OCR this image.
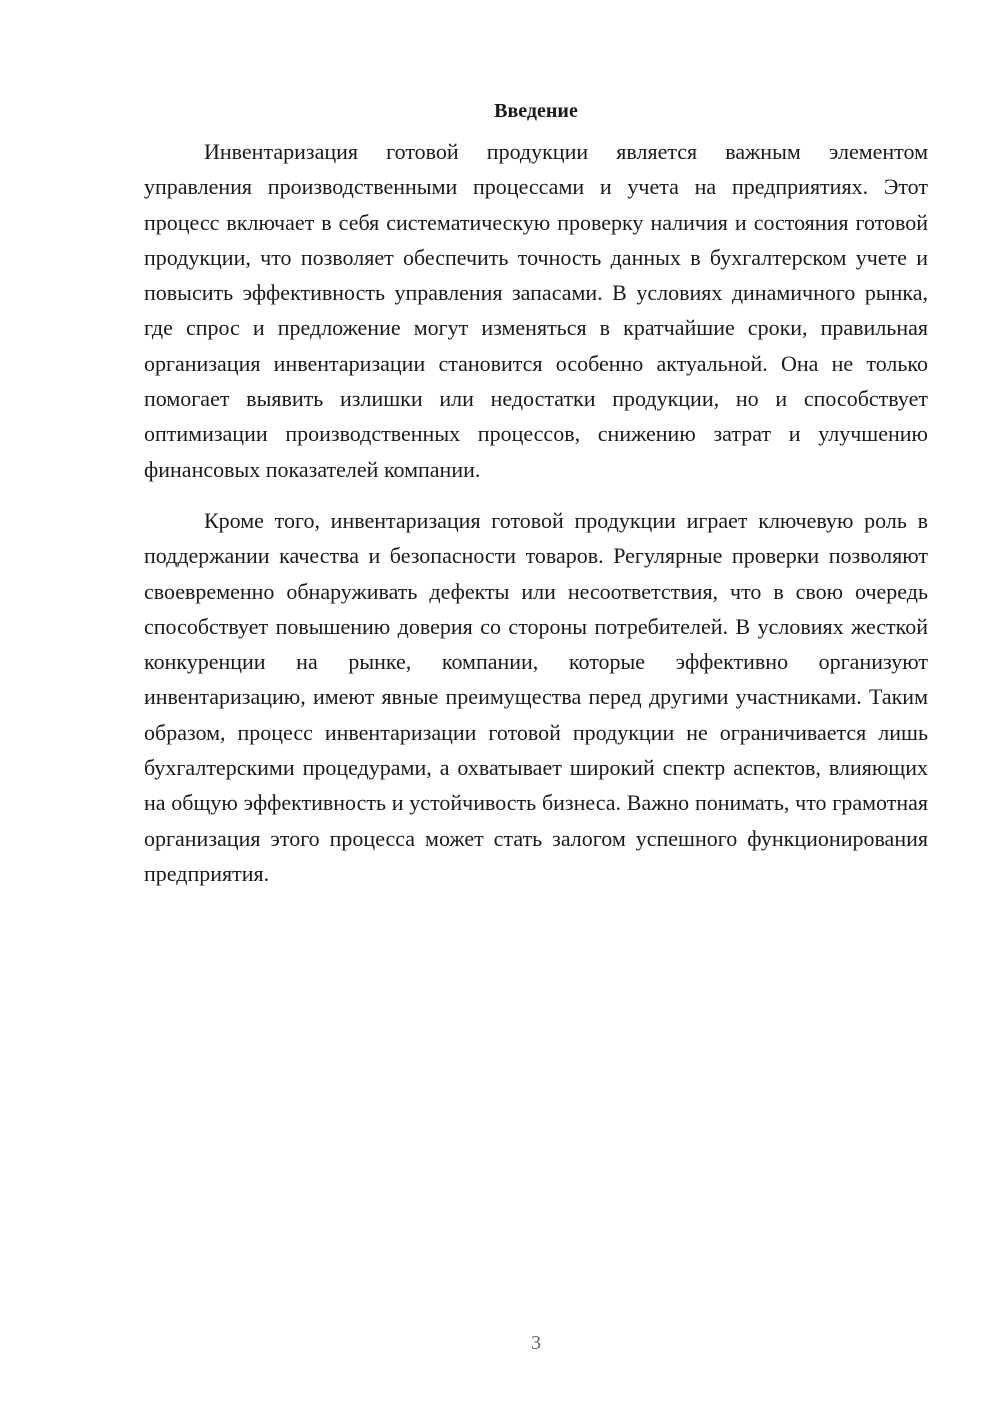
Введение

Инвентаризация готовой продукции является важным элементом управления производственными процессами и учета на предприятиях. Этот процесс включает в себя систематическую проверку наличия и состояния готовой продукции, что позволяет обеспечить точность данных в бухгалтерском учете и повысить эффективность управления запасами. В условиях динамичного рынка, где спрос и предложение могут изменяться в кратчайшие сроки, правильная организация инвентаризации становится особенно актуальной. Она не только помогает выявить излишки или недостатки продукции, но и способствует оптимизации производственных процессов, снижению затрат и улучшению финансовых показателей компании.

Кроме того, инвентаризация готовой продукции играет ключевую роль в поддержании качества и безопасности товаров. Регулярные проверки позволяют своевременно обнаруживать дефекты или несоответствия, что в свою очередь способствует повышению доверия со стороны потребителей. В условиях жесткой конкуренции на рынке, компании, которые эффективно организуют инвентаризацию, имеют явные преимущества перед другими участниками. Таким образом, процесс инвентаризации готовой продукции не ограничивается лишь бухгалтерскими процедурами, а охватывает широкий спектр аспектов, влияющих на общую эффективность и устойчивость бизнеса. Важно понимать, что грамотная организация этого процесса может стать залогом успешного функционирования предприятия.

3
